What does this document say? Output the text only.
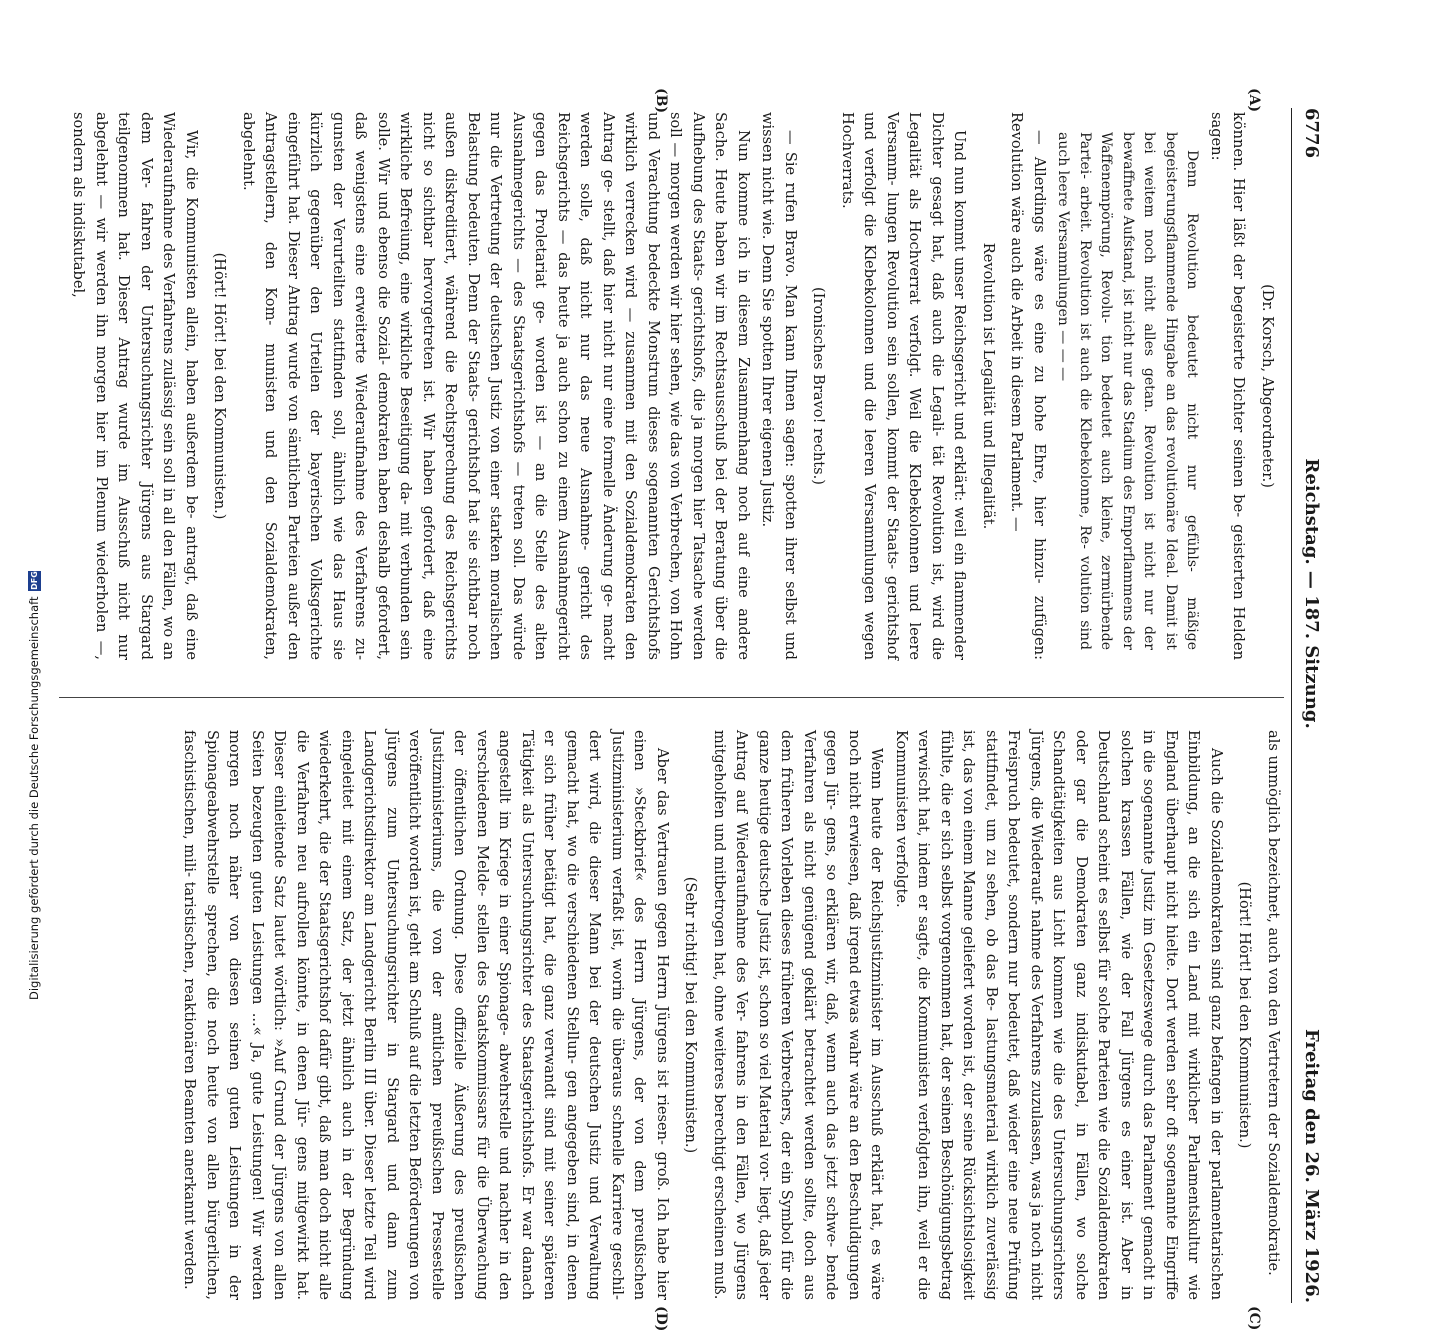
Digitalisierung gefördert durch die Deutsche Forschungsgemeinschaft
DFG
6776
Reichstag. — 187. Sitzung.
Freitag den 26. März 1926.
(A)
(B)
(C)
(D)

(Dr. Korsch, Abgeordneter.)

können. Hier läßt der begeisterte Dichter seinen be- geisterten Helden sagen:

Denn Revolution bedeutet nicht nur gefühls- mäßige begeisterungsflammende Hingabe an das revolutionäre Ideal. Damit ist bei weitem noch nicht alles getan. Revolution ist nicht nur der bewaffnete Aufstand, ist nicht nur das Stadium des Emporflammens der Waffenempörung, Revolu- tion bedeutet auch kleine, zermürbende Partei- arbeit. Revolution ist auch die Klebekolonne, Re- volution sind auch leere Versammlungen — — —

— Allerdings wäre es eine zu hohe Ehre, hier hinzu- zufügen: Revolution wäre auch die Arbeit in diesem Parlament. —

Revolution ist Legalität und Illegalität.

Und nun kommt unser Reichsgericht und erklärt: weil ein flammender Dichter gesagt hat, daß auch die Legali- tät Revolution ist, wird die Legalität als Hochverrat verfolgt. Weil die Klebekolonnen und leere Versamm- lungen Revolution sein sollen, kommt der Staats- gerichtshof und verfolgt die Klebekolonnen und die leeren Versammlungen wegen Hochverrats.

(Ironisches Bravo! rechts.)

— Sie rufen Bravo. Man kann Ihnen sagen: spotten ihrer selbst und wissen nicht wie. Denn Sie spotten Ihrer eigenen Justiz.

Nun komme ich in diesem Zusammenhang noch auf eine andere Sache. Heute haben wir im Rechtsausschuß bei der Beratung über die Aufhebung des Staats- gerichtshofs, die ja morgen hier Tatsache werden soll — morgen werden wir hier sehen, wie das von Verbrechen, von Hohn und Verachtung bedeckte Monstrum dieses sogenannten Gerichtshofs wirklich verrecken wird — zusammen mit den Sozialdemokraten den Antrag ge- stellt, daß hier nicht nur eine formelle Änderung ge- macht werden solle, daß nicht nur das neue Ausnahme- gericht des Reichsgerichts — das heute ja auch schon zu einem Ausnahmegericht gegen das Proletariat ge- worden ist — an die Stelle des alten Ausnahmegerichts — des Staatsgerichtshofs — treten soll. Das würde nur die Vertretung der deutschen Justiz von einer starken moralischen Belastung bedeuten. Denn der Staats- gerichtshof hat sie sichtbar noch außen diskreditiert, während die Rechtsprechung des Reichsgerichts nicht so sichtbar hervorgetreten ist. Wir haben gefordert, daß eine wirkliche Befreiung, eine wirkliche Beseitigung da- mit verbunden sein solle. Wir und ebenso die Sozial- demokraten haben deshalb gefordert, daß wenigstens eine erweiterte Wiederaufnahme des Verfahrens zu- gunsten der Verurteilten stattfinden soll, ähnlich wie das Haus sie kürzlich gegenüber den Urteilen der bayerischen Volksgerichte eingeführt hat. Dieser Antrag wurde von sämtlichen Parteien außer den Antragstellern, den Kom- munisten und den Sozialdemokraten, abgelehnt.

(Hört! Hört! bei den Kommunisten.)

Wir, die Kommunisten allein, haben außerdem be- antragt, daß eine Wiederaufnahme des Verfahrens zulässig sein soll in all den Fällen, wo an dem Ver- fahren der Untersuchungsrichter Jürgens aus Stargard teilgenommen hat. Dieser Antrag wurde im Ausschuß nicht nur abgelehnt — wir werden ihn morgen hier im Plenum wiederholen —, sondern als indiskutabel,

als unmöglich bezeichnet, auch von den Vertretern der Sozialdemokratie.

(Hört! Hört! bei den Kommunisten.)

Auch die Sozialdemokraten sind ganz befangen in der parlamentarischen Einbildung, an die sich ein Land mit wirklicher Parlamentskultur wie England überhaupt nicht hielte. Dort werden sehr oft sogenannte Eingriffe in die sogenannte Justiz im Gesetzeswege durch das Parlament gemacht in solchen krassen Fällen, wie der Fall Jürgens es einer ist. Aber in Deutschland scheint es selbst für solche Parteien wie die Sozialdemokraten oder gar die Demokraten ganz indiskutabel, in Fällen, wo solche Schandtätigkeiten aus Licht kommen wie die des Untersuchungsrichters Jürgens, die Wiederauf- nahme des Verfahrens zuzulassen, was ja noch nicht Freispruch bedeutet, sondern nur bedeutet, daß wieder eine neue Prüfung stattfindet, um zu sehen, ob das Be- lastungsmaterial wirklich zuverlässig ist, das von einem Manne geliefert worden ist, der seine Rücksichtslosigkeit fühlte, die er sich selbst vorgenommen hat, der seinen Beschönigungsbetrag verwischt hat, indem er sagte, die Kommunisten verfolgten ihn, weil er die Kommunisten verfolgte.

Wenn heute der Reichsjustizminister im Ausschuß erklärt hat, es wäre noch nicht erwiesen, daß irgend etwas wahr wäre an den Beschuldigungen gegen Jür- gens, so erklären wir, daß, wenn auch das jetzt schwe- bende Verfahren als nicht genügend geklärt betrachtet werden sollte, doch aus dem früheren Vorleben dieses früheren Verbrechers, der ein Symbol für die ganze heutige deutsche Justiz ist, schon so viel Material vor- liegt, daß jeder Antrag auf Wiederaufnahme des Ver- fahrens in den Fällen, wo Jürgens mitgeholfen und mitbetrogen hat, ohne weiteres berechtigt erscheinen muß.

(Sehr richtig! bei den Kommunisten.)

Aber das Vertrauen gegen Herrn Jürgens ist riesen- groß. Ich habe hier einen »Steckbrief« des Herrn Jürgens, der von dem preußischen Justizministerium verfaßt ist, worin die überaus schnelle Karriere geschil- dert wird, die dieser Mann bei der deutschen Justiz und Verwaltung gemacht hat, wo die verschiedenen Stellun- gen angegeben sind, in denen er sich früher betätigt hat, die ganz verwandt sind mit seiner späteren Tätigkeit als Untersuchungsrichter des Staatsgerichtshofs. Er war danach angestellt im Kriege in einer Spionage- abwehrstelle und nachher in den verschiedenen Melde- stellen des Staatskommissars für die Überwachung der öffentlichen Ordnung. Diese offizielle Äußerung des preußischen Justizministeriums, die von der amtlichen preußischen Pressestelle veröffentlicht worden ist, geht am Schluß auf die letzten Beförderungen von Jürgens zum Untersuchungsrichter in Stargard und dann zum Landgerichtsdirektor am Landgericht Berlin III über. Dieser letzte Teil wird eingeleitet mit einem Satz, der jetzt ähnlich auch in der Begründung wiederkehrt, die der Staatsgerichtshof dafür gibt, daß man doch nicht alle die Verfahren neu aufrollen könnte, in denen Jür- gens mitgewirkt hat. Dieser einleitende Satz lautet wörtlich: »Auf Grund der Jürgens von allen Seiten bezeugten guten Leistungen ...« Ja, gute Leistungen! Wir werden morgen noch näher von diesen seinen guten Leistungen in der Spionageabwehrstelle sprechen, die noch heute von allen bürgerlichen, faschistischen, mili- taristischen, reaktionären Beamten anerkannt werden.
